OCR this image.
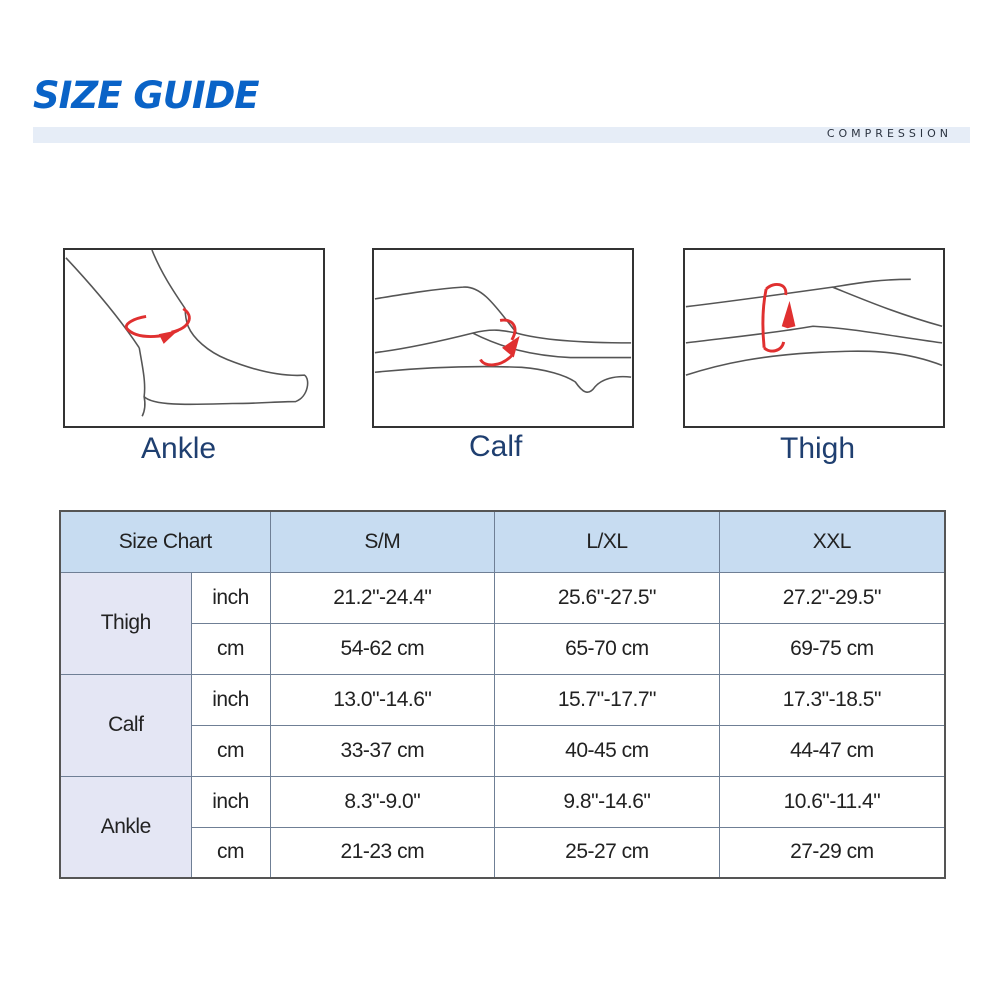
SIZE GUIDE
COMPRESSION
Ankle	Calf	Thigh
Size Chart		S/M	L/XL	XXL
Thigh	inch	21.2"-24.4"	25.6"-27.5"	27.2"-29.5"
	cm	54-62 cm	65-70 cm	69-75 cm
Calf	inch	13.0"-14.6"	15.7"-17.7"	17.3"-18.5"
	cm	33-37 cm	40-45 cm	44-47 cm
Ankle	inch	8.3"-9.0"	9.8"-14.6"	10.6"-11.4"
	cm	21-23 cm	25-27 cm	27-29 cm
